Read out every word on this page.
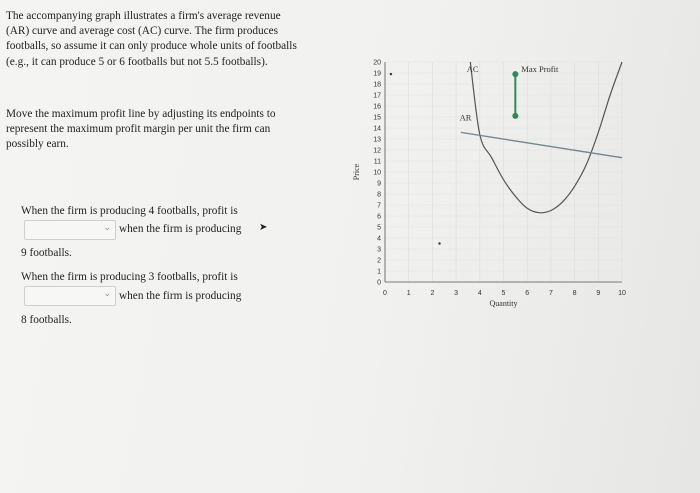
The accompanying graph illustrates a firm's average revenue (AR) curve and average cost (AC) curve. The firm produces footballs, so assume it can only produce whole units of footballs (e.g., it can produce 5 or 6 footballs but not 5.5 footballs).
Move the maximum profit line by adjusting its endpoints to represent the maximum profit margin per unit the firm can possibly earn.
When the firm is producing 4 footballs, profit is
⌄ when the firm is producing ➤
9 footballs.
When the firm is producing 3 footballs, profit is
⌄ when the firm is producing
8 footballs.
0
1
2
3
4
5
6
7
8
9
10
11
12
13
14
15
16
17
18
19
20
0	1	2	3	4	5	6	7	8	9	10
Quantity
Price
AC
AR
Max Profit
